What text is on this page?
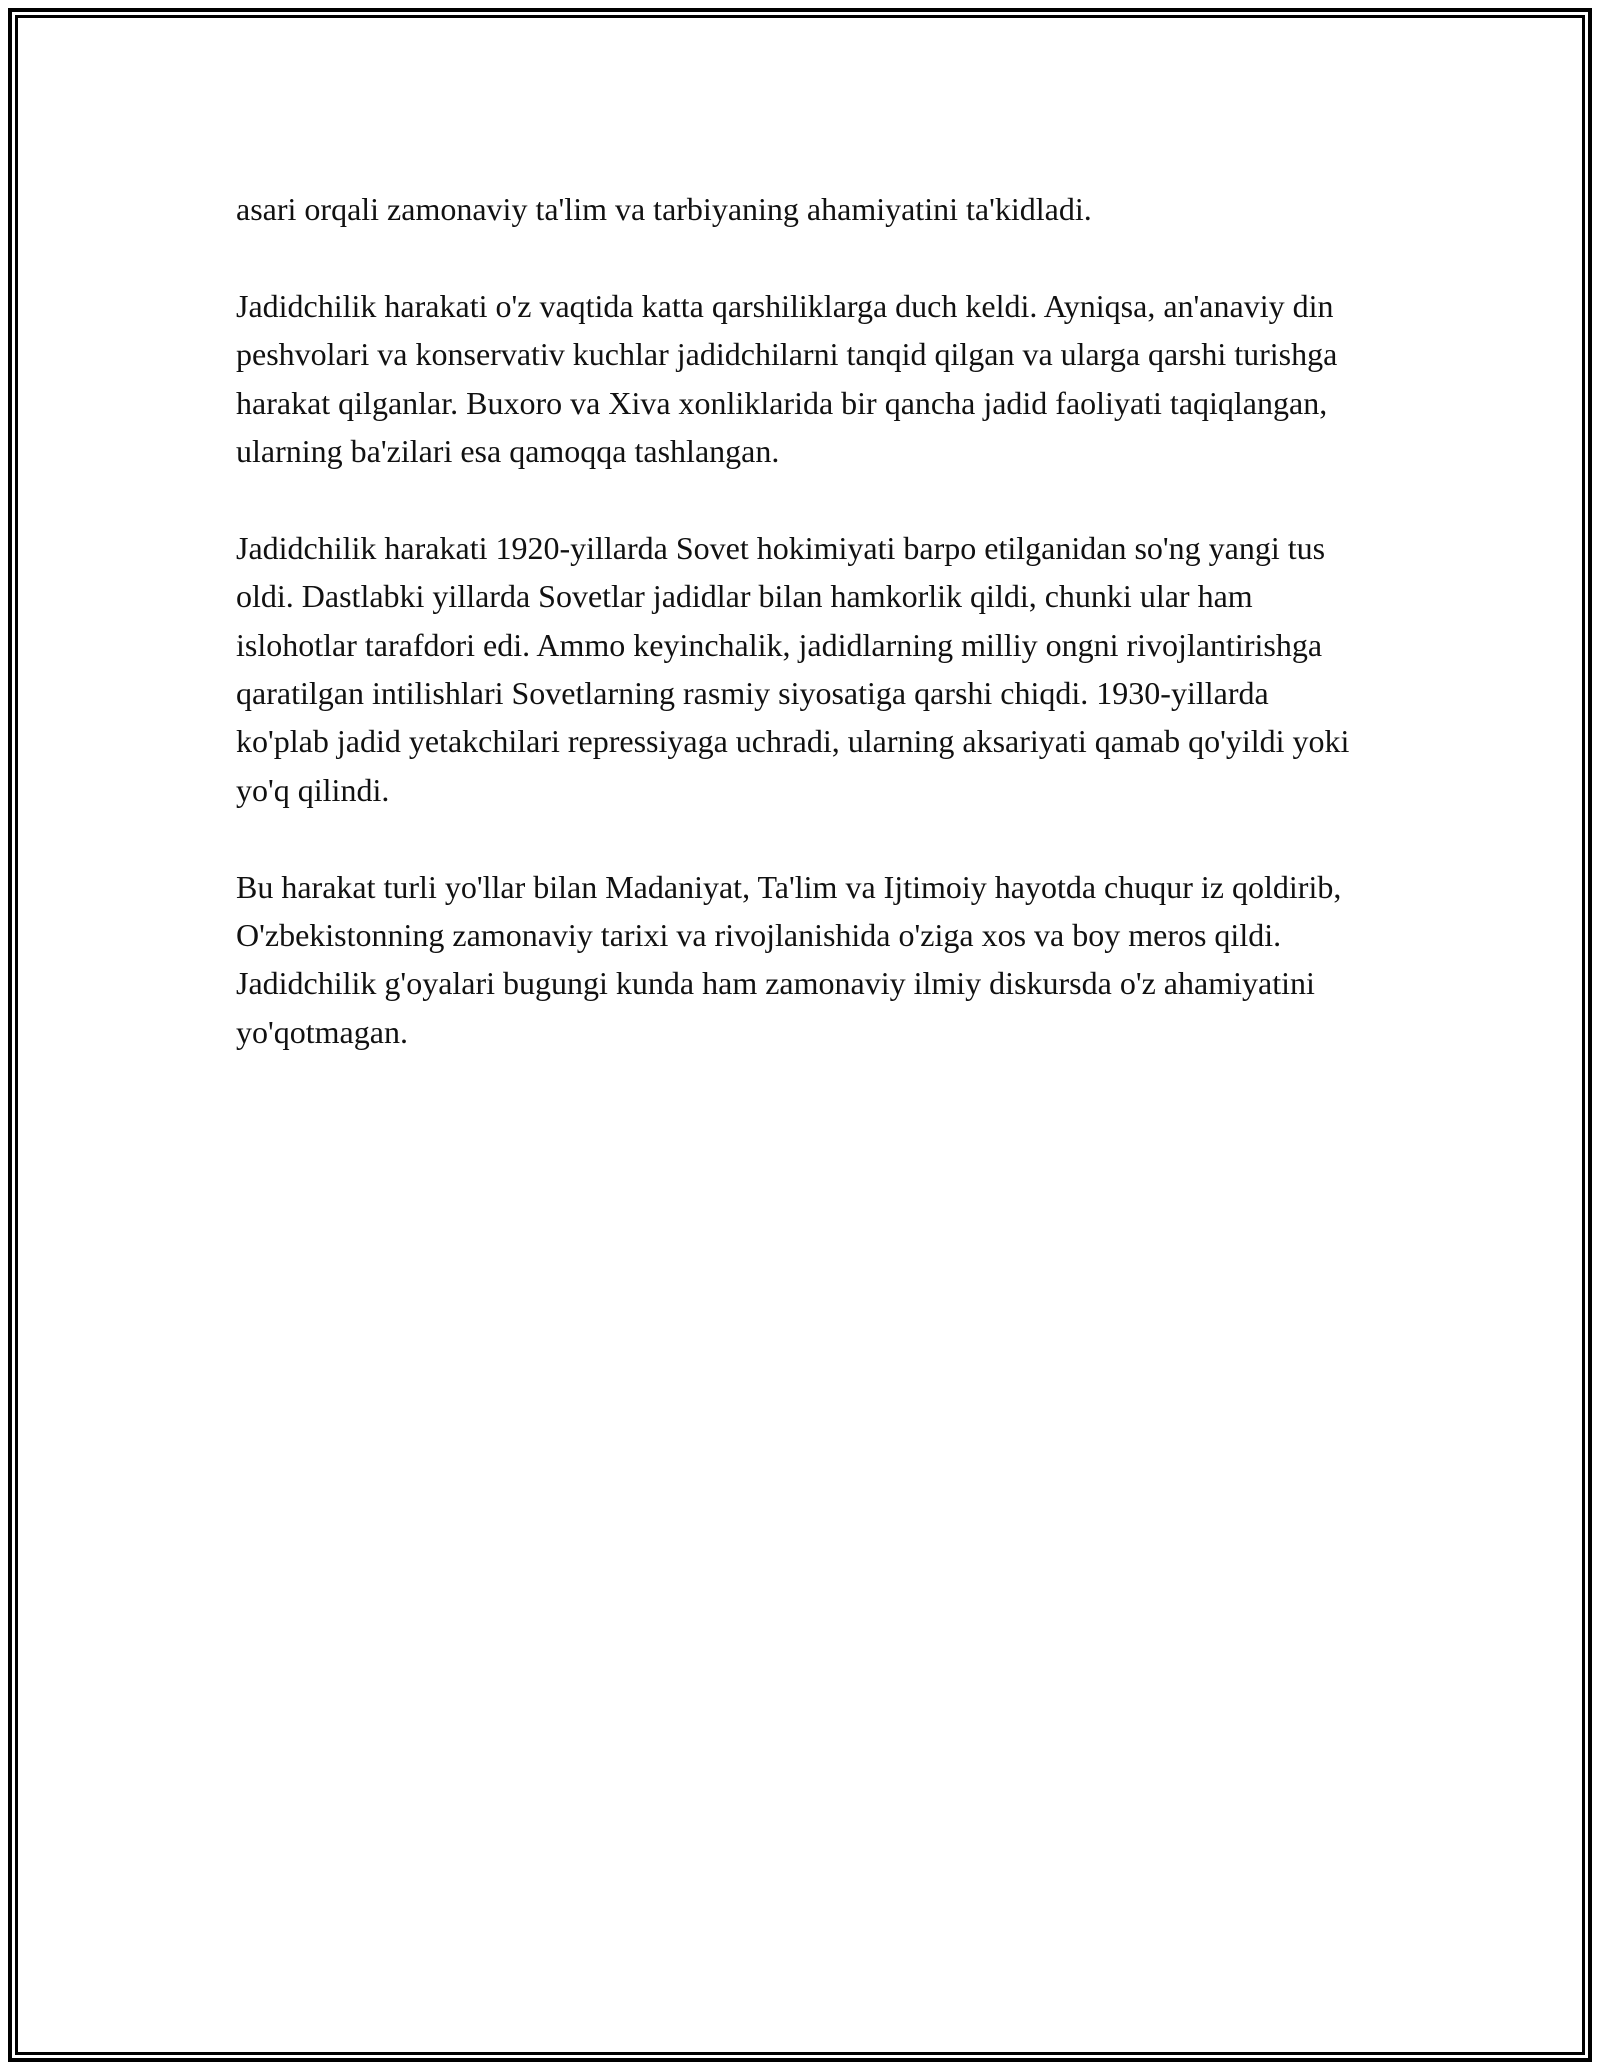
asari orqali zamonaviy ta'lim va tarbiyaning ahamiyatini ta'kidladi.

Jadidchilik harakati o'z vaqtida katta qarshiliklarga duch keldi. Ayniqsa, an'anaviy din peshvolari va konservativ kuchlar jadidchilarni tanqid qilgan va ularga qarshi turishga harakat qilganlar. Buxoro va Xiva xonliklarida bir qancha jadid faoliyati taqiqlangan, ularning ba'zilari esa qamoqqa tashlangan.

Jadidchilik harakati 1920-yillarda Sovet hokimiyati barpo etilganidan so'ng yangi tus oldi. Dastlabki yillarda Sovetlar jadidlar bilan hamkorlik qildi, chunki ular ham islohotlar tarafdori edi. Ammo keyinchalik, jadidlarning milliy ongni rivojlantirishga qaratilgan intilishlari Sovetlarning rasmiy siyosatiga qarshi chiqdi. 1930-yillarda ko'plab jadid yetakchilari repressiyaga uchradi, ularning aksariyati qamab qo'yildi yoki yo'q qilindi.

Bu harakat turli yo'llar bilan Madaniyat, Ta'lim va Ijtimoiy hayotda chuqur iz qoldirib, O'zbekistonning zamonaviy tarixi va rivojlanishida o'ziga xos va boy meros qildi. Jadidchilik g'oyalari bugungi kunda ham zamonaviy ilmiy diskursda o'z ahamiyatini yo'qotmagan.
